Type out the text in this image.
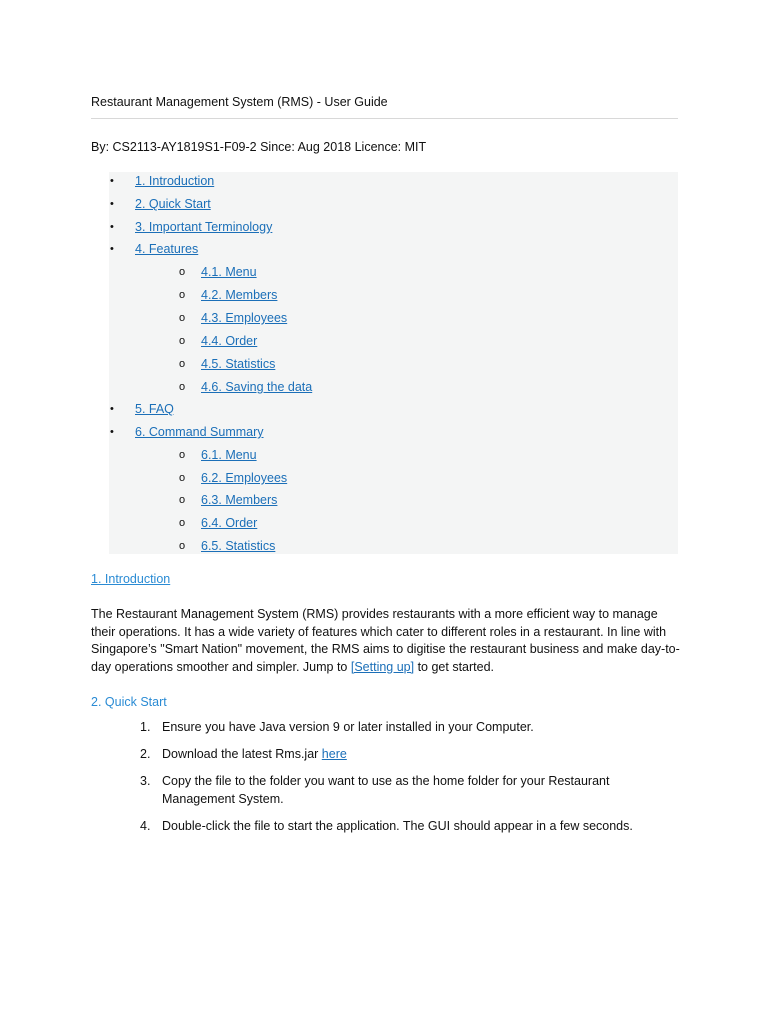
Restaurant Management System (RMS) - User Guide
By: CS2113-AY1819S1-F09-2 Since: Aug 2018 Licence: MIT
• 1. Introduction
• 2. Quick Start
• 3. Important Terminology
• 4. Features
o 4.1. Menu
o 4.2. Members
o 4.3. Employees
o 4.4. Order
o 4.5. Statistics
o 4.6. Saving the data
• 5. FAQ
• 6. Command Summary
o 6.1. Menu
o 6.2. Employees
o 6.3. Members
o 6.4. Order
o 6.5. Statistics
1. Introduction
The Restaurant Management System (RMS) provides restaurants with a more efficient way to manage their operations. It has a wide variety of features which cater to different roles in a restaurant. In line with Singapore’s "Smart Nation" movement, the RMS aims to digitise the restaurant business and make day-to-day operations smoother and simpler. Jump to [Setting up] to get started.
2. Quick Start
1. Ensure you have Java version 9 or later installed in your Computer.
2. Download the latest Rms.jar here
3. Copy the file to the folder you want to use as the home folder for your Restaurant Management System.
4. Double-click the file to start the application. The GUI should appear in a few seconds.
